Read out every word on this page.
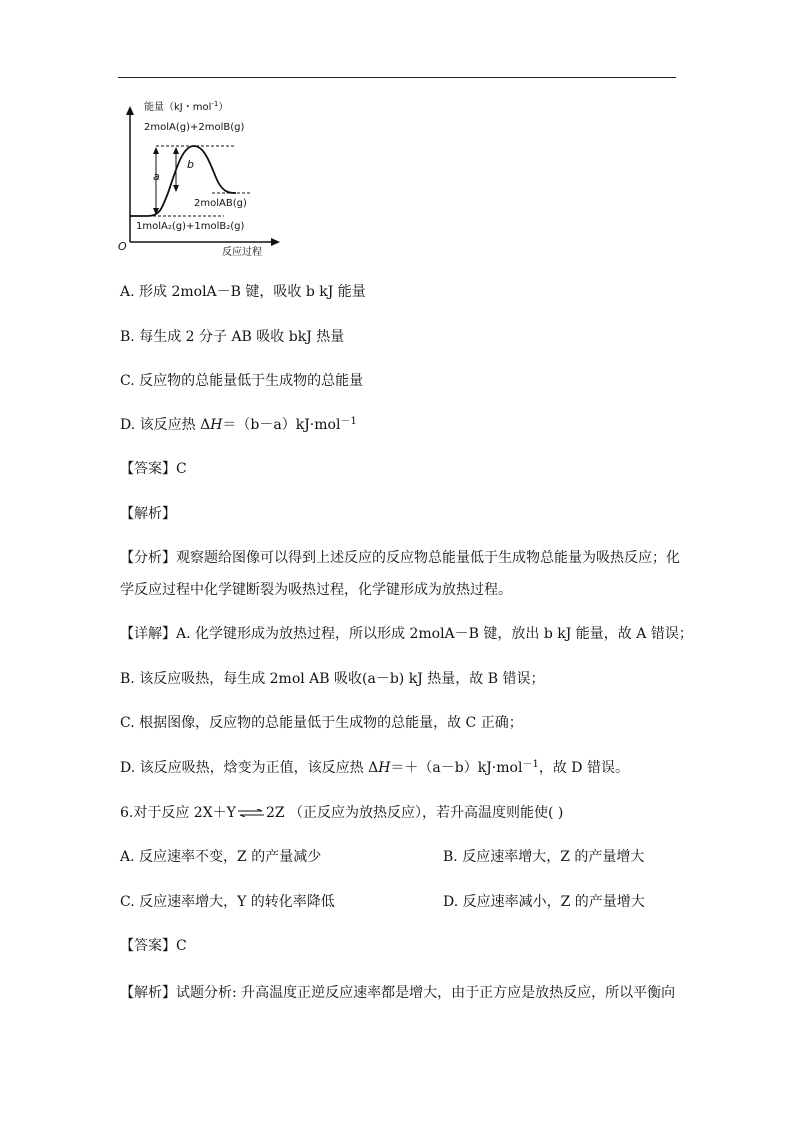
能量（kJ・mol$^{-1}$）
2molA(g)+2molB(g)
a
b
2molAB(g)
1molA₂(g)+1molB₂(g)
O	反应过程
A. 形成 2molA－B 键，吸收 b kJ 能量
B. 每生成 2 分子 AB 吸收 bkJ 热量
C. 反应物的总能量低于生成物的总能量
D. 该反应热 ΔH＝（b－a）kJ·mol$^{-1}$
【答案】C
【解析】
【分析】观察题给图像可以得到上述反应的反应物总能量低于生成物总能量为吸热反应；化
学反应过程中化学键断裂为吸热过程，化学键形成为放热过程。
【详解】A. 化学键形成为放热过程，所以形成 2molA－B 键，放出 b kJ 能量，故 A 错误；
B. 该反应吸热，每生成 2mol AB 吸收(a－b) kJ 热量，故 B 错误；
C. 根据图像，反应物的总能量低于生成物的总能量，故 C 正确；
D. 该反应吸热，焓变为正值，该反应热 ΔH＝＋（a－b）kJ·mol$^{-1}$，故 D 错误。
6.对于反应 2X＋Y ⇌ 2Z （正反应为放热反应），若升高温度则能使( )
A. 反应速率不变，Z 的产量减少	B. 反应速率增大，Z 的产量增大
C. 反应速率增大，Y 的转化率降低	D. 反应速率减小，Z 的产量增大
【答案】C
【解析】试题分析: 升高温度正逆反应速率都是增大，由于正方应是放热反应，所以平衡向
